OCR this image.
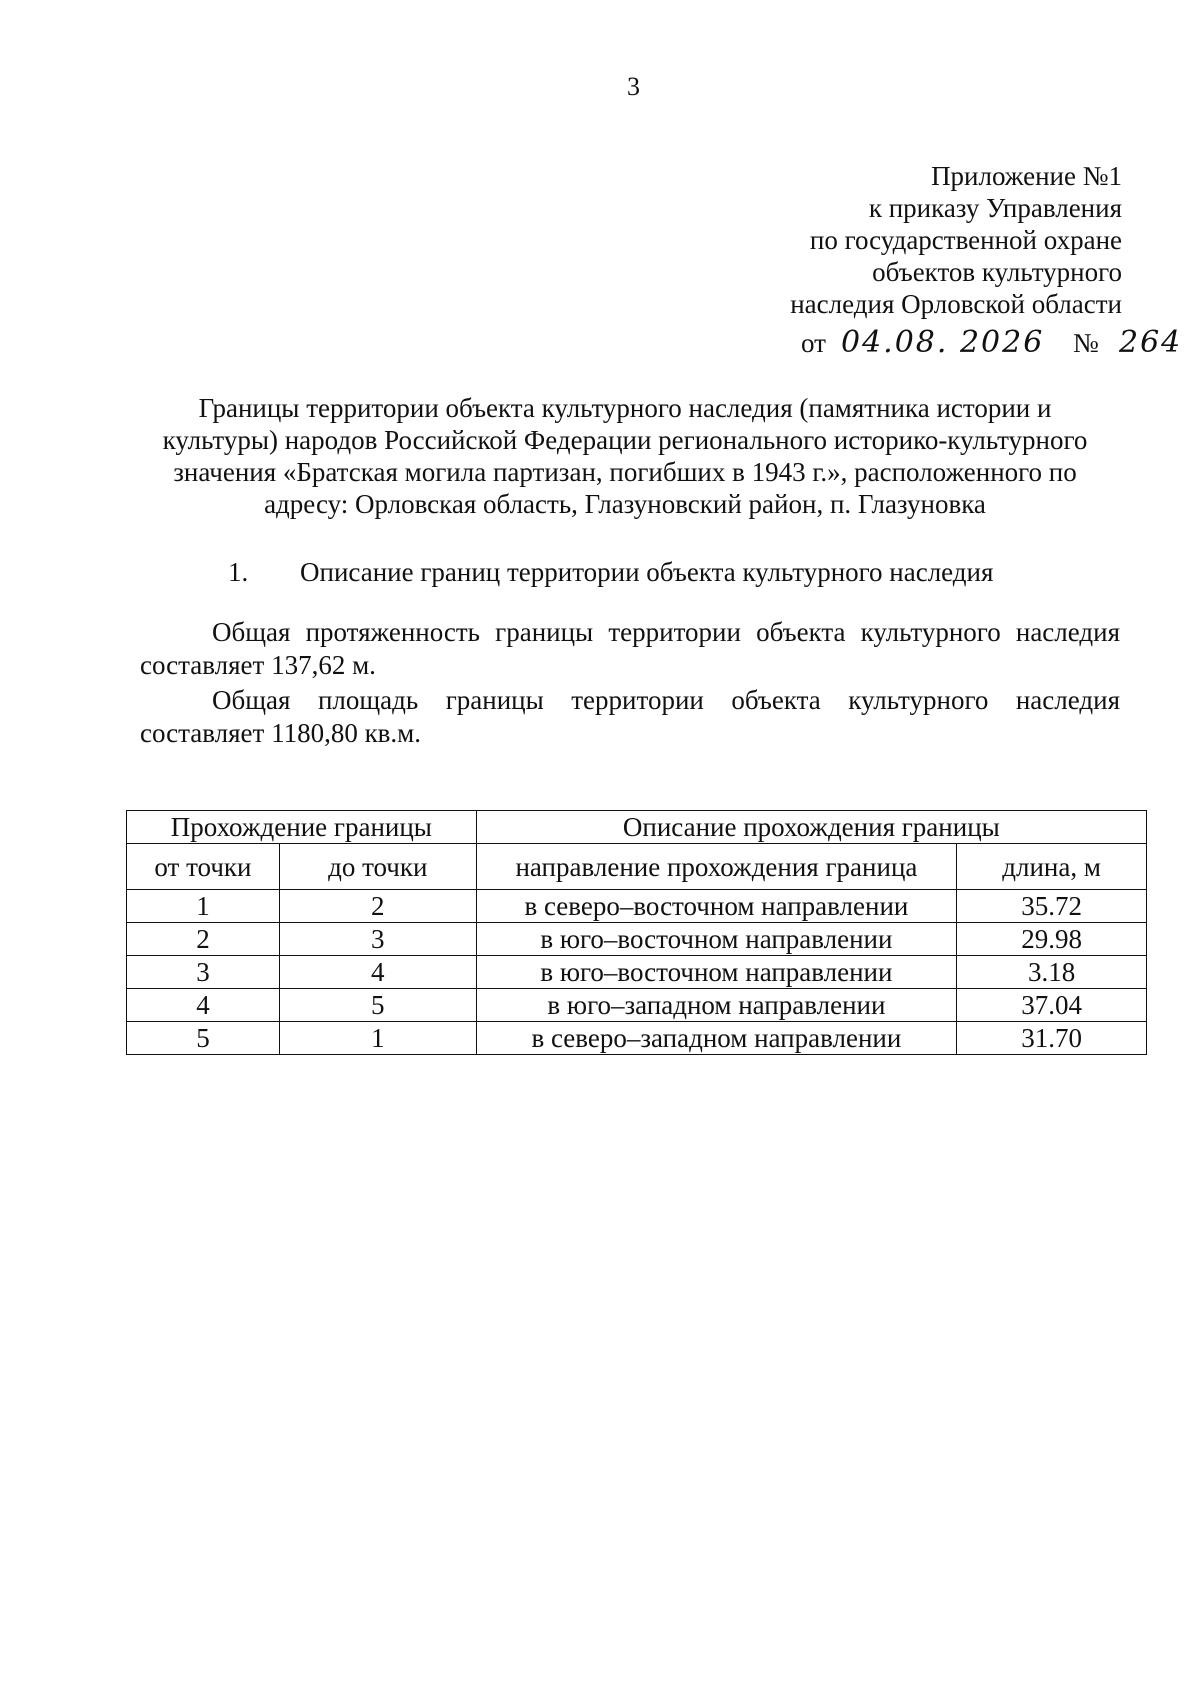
3
Приложение №1
к приказу Управления
по государственной охране
объектов культурного
наследия Орловской области
от 04.08. 2026 № 264
Границы территории объекта культурного наследия (памятника истории и
культуры) народов Российской Федерации регионального историко-культурного
значения «Братская могила партизан, погибших в 1943 г.», расположенного по
адресу: Орловская область, Глазуновский район, п. Глазуновка
1. Описание границ территории объекта культурного наследия
Общая протяженность границы территории объекта культурного наследия составляет 137,62 м.
Общая площадь границы территории объекта культурного наследия составляет 1180,80 кв.м.
Прохождение границы		Описание прохождения границы	
от точки	до точки	направление прохождения граница	длина, м
1	2	в северо–восточном направлении	35.72
2	3	в юго–восточном направлении	29.98
3	4	в юго–восточном направлении	3.18
4	5	в юго–западном направлении	37.04
5	1	в северо–западном направлении	31.70
